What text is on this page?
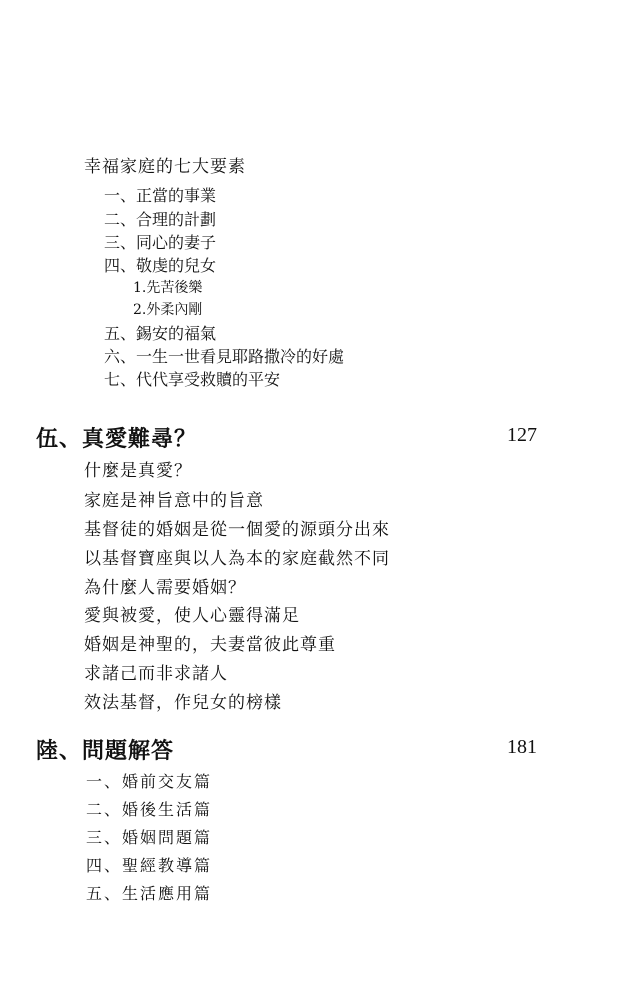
幸福家庭的七大要素
一、正當的事業
二、合理的計劃
三、同心的妻子
四、敬虔的兒女
1.先苦後樂
2.外柔內剛
五、錫安的福氣
六、一生一世看見耶路撒冷的好處
七、代代享受救贖的平安
伍、真愛難尋？	127
什麼是真愛？
家庭是神旨意中的旨意
基督徒的婚姻是從一個愛的源頭分出來
以基督寶座與以人為本的家庭截然不同
為什麼人需要婚姻？
愛與被愛，使人心靈得滿足
婚姻是神聖的，夫妻當彼此尊重
求諸己而非求諸人
效法基督，作兒女的榜樣
陸、問題解答	181
一、婚前交友篇
二、婚後生活篇
三、婚姻問題篇
四、聖經教導篇
五、生活應用篇
